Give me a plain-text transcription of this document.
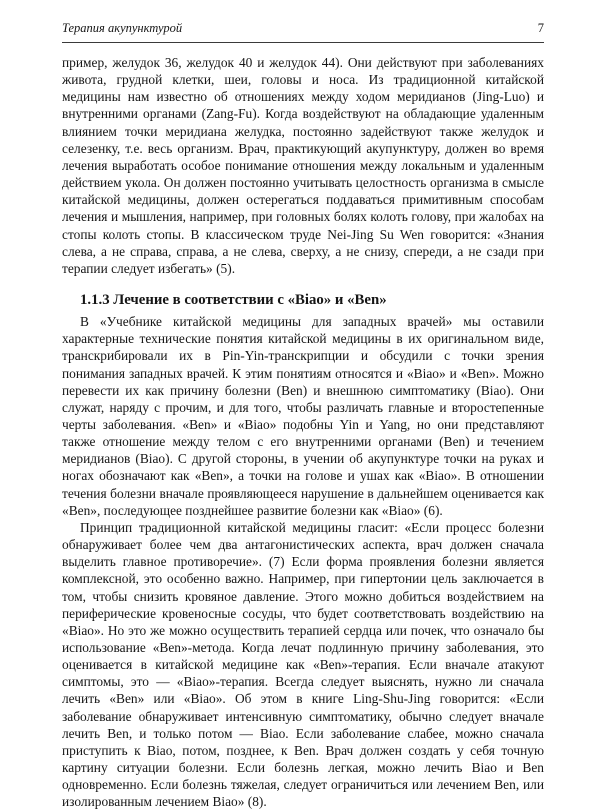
Терапия акупунктурой	7

пример, желудок 36, желудок 40 и желудок 44). Они действуют при заболеваниях живота, грудной клетки, шеи, головы и носа. Из традиционной китайской медицины нам известно об отношениях между ходом меридианов (Jing-Luo) и внутренними органами (Zang-Fu). Когда воздействуют на обладающие удаленным влиянием точки меридиана желудка, постоянно задействуют также желудок и селезенку, т.е. весь организм. Врач, практикующий акупунктуру, должен во время лечения выработать особое понимание отношения между локальным и удаленным действием укола. Он должен постоянно учитывать целостность организма в смысле китайской медицины, должен остерегаться поддаваться примитивным способам лечения и мышления, например, при головных болях колоть голову, при жалобах на стопы колоть стопы. В классическом труде Nei-Jing Su Wen говорится: «Знания слева, а не справа, справа, а не слева, сверху, а не снизу, спереди, а не сзади при терапии следует избегать» (5).

1.1.3 Лечение в соответствии с «Biao» и «Ben»

В «Учебнике китайской медицины для западных врачей» мы оставили характерные технические понятия китайской медицины в их оригинальном виде, транскрибировали их в Pin-Yin-транскрипции и обсудили с точки зрения понимания западных врачей. К этим понятиям относятся и «Biao» и «Ben». Можно перевести их как причину болезни (Ben) и внешнюю симптоматику (Biao). Они служат, наряду с прочим, и для того, чтобы различать главные и второстепенные черты заболевания. «Ben» и «Biao» подобны Yin и Yang, но они представляют также отношение между телом с его внутренними органами (Ben) и течением меридианов (Biao). С другой стороны, в учении об акупунктуре точки на руках и ногах обозначают как «Ben», а точки на голове и ушах как «Biao». В отношении течения болезни вначале проявляющееся нарушение в дальнейшем оценивается как «Ben», последующее позднейшее развитие болезни как «Biao» (6).

Принцип традиционной китайской медицины гласит: «Если процесс болезни обнаруживает более чем два антагонистических аспекта, врач должен сначала выделить главное противоречие». (7) Если форма проявления болезни является комплексной, это особенно важно. Например, при гипертонии цель заключается в том, чтобы снизить кровяное давление. Этого можно добиться воздействием на периферические кровеносные сосуды, что будет соответствовать воздействию на «Biao». Но это же можно осуществить терапией сердца или почек, что означало бы использование «Ben»-метода. Когда лечат подлинную причину заболевания, это оценивается в китайской медицине как «Ben»-терапия. Если вначале атакуют симптомы, это — «Biao»-терапия. Всегда следует выяснять, нужно ли сначала лечить «Ben» или «Biao». Об этом в книге Ling-Shu-Jing говорится: «Если заболевание обнаруживает интенсивную симптоматику, обычно следует вначале лечить Ben, и только потом — Biao. Если заболевание слабее, можно сначала приступить к Biao, потом, позднее, к Ben. Врач должен создать у себя точную картину ситуации болезни. Если болезнь легкая, можно лечить Biao и Ben одновременно. Если болезнь тяжелая, следует ограничиться или лечением Ben, или изолированным лечением Biao» (8).
